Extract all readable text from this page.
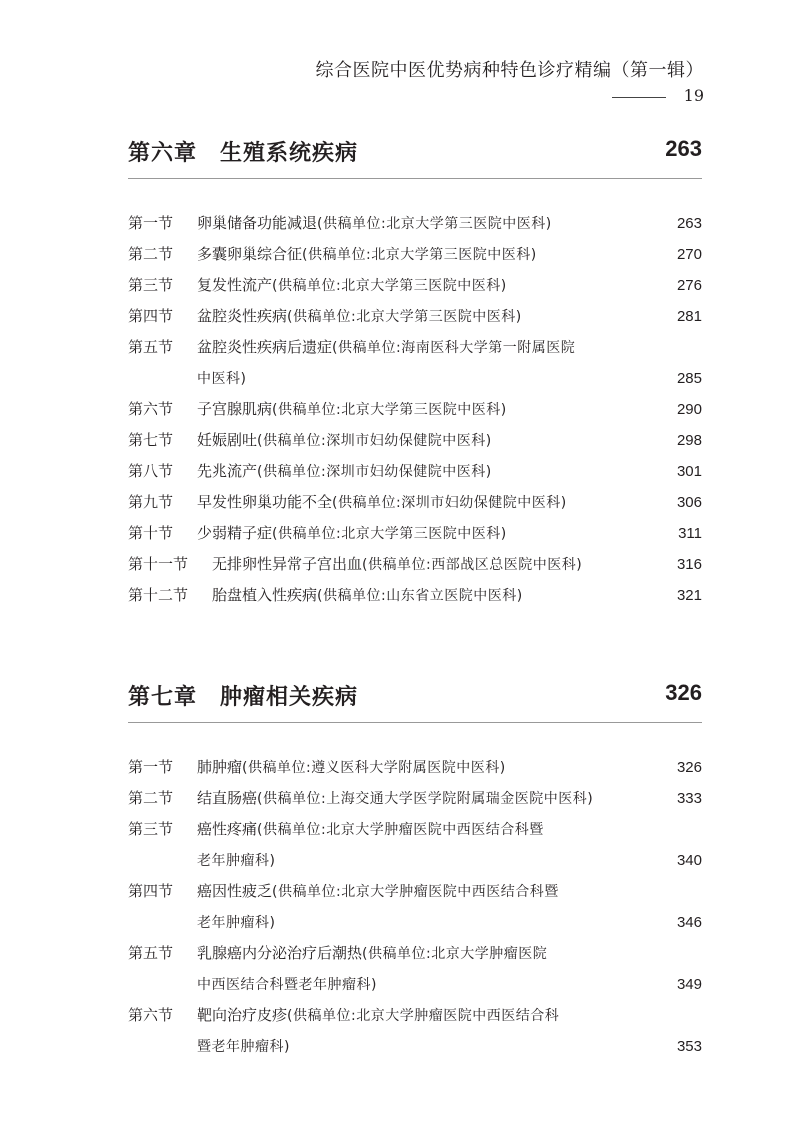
综合医院中医优势病种特色诊疗精编（第一辑）
19
第六章　生殖系统疾病	263
第一节 卵巢储备功能减退(供稿单位:北京大学第三医院中医科)	263
第二节 多囊卵巢综合征(供稿单位:北京大学第三医院中医科)	270
第三节 复发性流产(供稿单位:北京大学第三医院中医科)	276
第四节 盆腔炎性疾病(供稿单位:北京大学第三医院中医科)	281
第五节 盆腔炎性疾病后遗症(供稿单位:海南医科大学第一附属医院
中医科)	285
第六节 子宫腺肌病(供稿单位:北京大学第三医院中医科)	290
第七节 妊娠剧吐(供稿单位:深圳市妇幼保健院中医科)	298
第八节 先兆流产(供稿单位:深圳市妇幼保健院中医科)	301
第九节 早发性卵巢功能不全(供稿单位:深圳市妇幼保健院中医科)	306
第十节 少弱精子症(供稿单位:北京大学第三医院中医科)	311
第十一节 无排卵性异常子宫出血(供稿单位:西部战区总医院中医科)	316
第十二节 胎盘植入性疾病(供稿单位:山东省立医院中医科)	321
第七章　肿瘤相关疾病	326
第一节 肺肿瘤(供稿单位:遵义医科大学附属医院中医科)	326
第二节 结直肠癌(供稿单位:上海交通大学医学院附属瑞金医院中医科)	333
第三节 癌性疼痛(供稿单位:北京大学肿瘤医院中西医结合科暨
老年肿瘤科)	340
第四节 癌因性疲乏(供稿单位:北京大学肿瘤医院中西医结合科暨
老年肿瘤科)	346
第五节 乳腺癌内分泌治疗后潮热(供稿单位:北京大学肿瘤医院
中西医结合科暨老年肿瘤科)	349
第六节 靶向治疗皮疹(供稿单位:北京大学肿瘤医院中西医结合科
暨老年肿瘤科)	353
